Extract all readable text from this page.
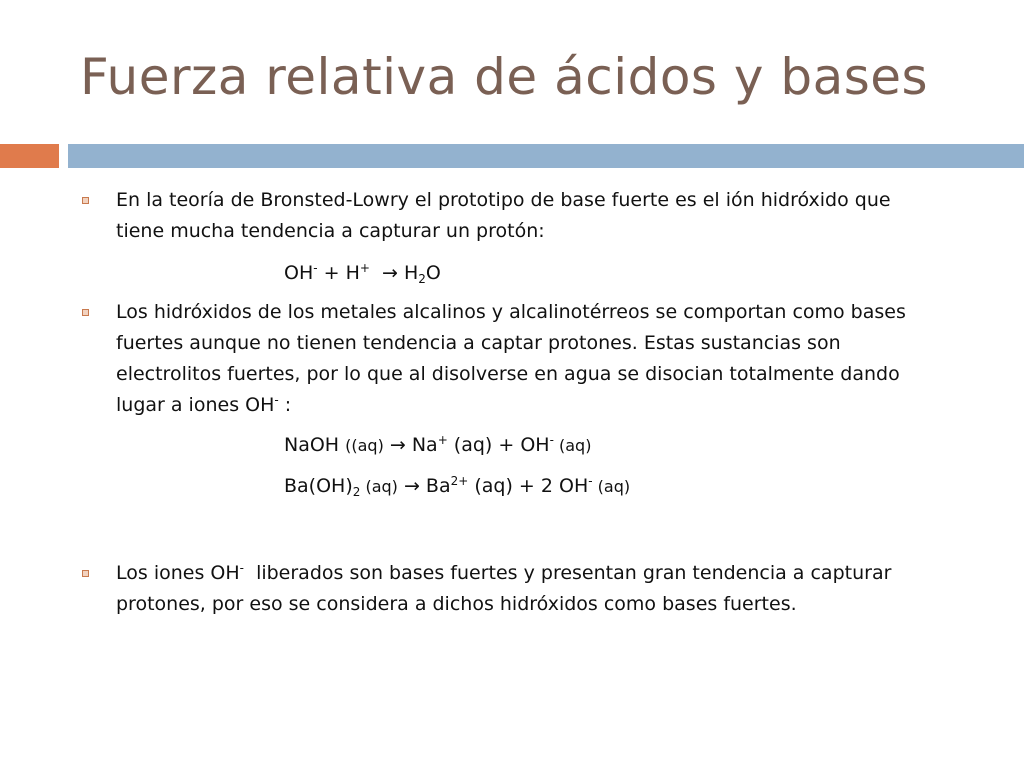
Fuerza relativa de ácidos y bases
En la teoría de Bronsted-Lowry el prototipo de base fuerte es el ión hidróxido que
tiene mucha tendencia a capturar un protón:
$OH^- + H^+ \to H_2O$
Los hidróxidos de los metales alcalinos y alcalinotérreos se comportan como bases
fuertes aunque no tienen tendencia a captar protones. Estas sustancias son
electrolitos fuertes, por lo que al disolverse en agua se disocian totalmente dando
lugar a iones OH- :
NaOH ((aq) → Na+ (aq) + OH- (aq)
$Ba(OH)_2$ $(aq) \to Ba^{2+}$ (aq) + 2 OH- (aq)
Los iones OH-  liberados son bases fuertes y presentan gran tendencia a capturar
protones, por eso se considera a dichos hidróxidos como bases fuertes.
